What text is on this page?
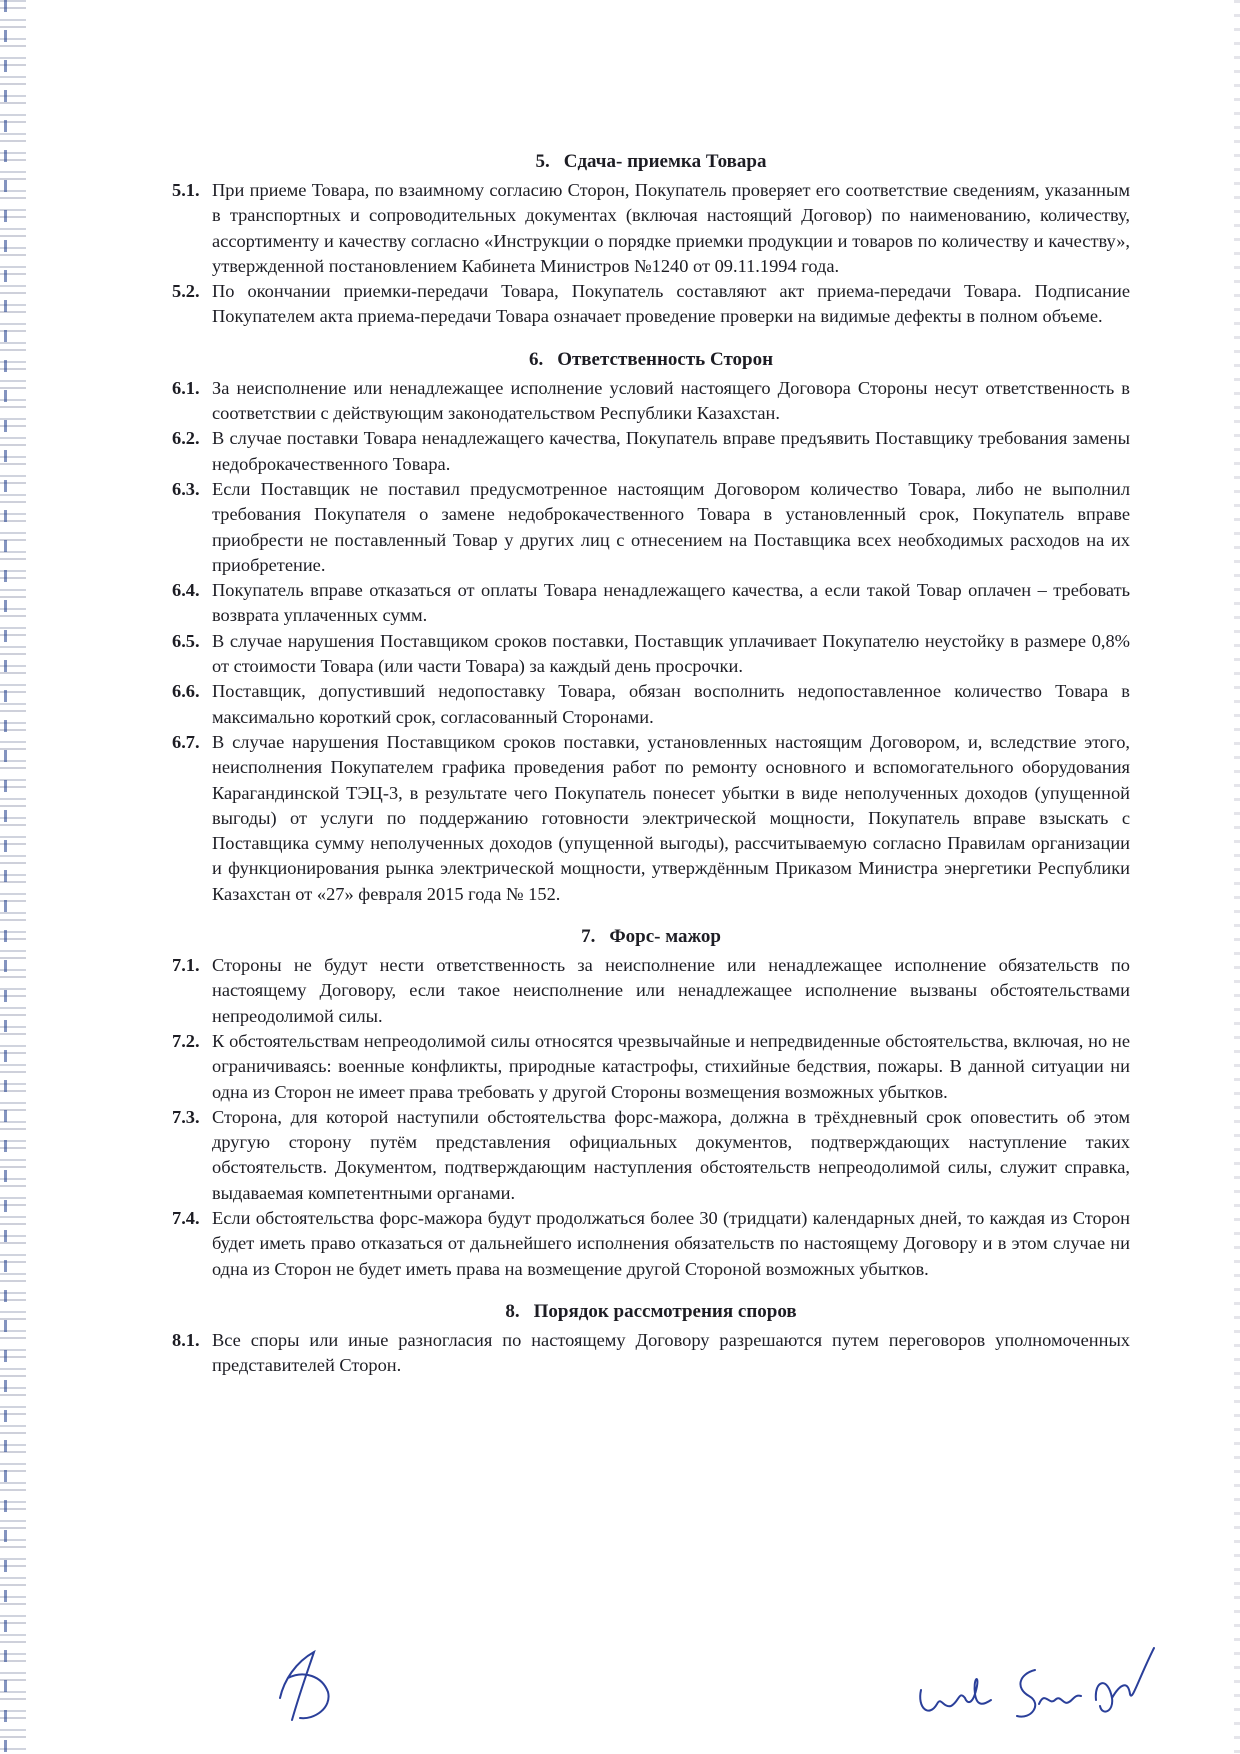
5. Сдача- приемка Товара

5.1. При приеме Товара, по взаимному согласию Сторон, Покупатель проверяет его соответствие сведениям, указанным в транспортных и сопроводительных документах (включая настоящий Договор) по наименованию, количеству, ассортименту и качеству согласно «Инструкции о порядке приемки продукции и товаров по количеству и качеству», утвержденной постановлением Кабинета Министров №1240 от 09.11.1994 года.

5.2. По окончании приемки-передачи Товара, Покупатель составляют акт приема-передачи Товара. Подписание Покупателем акта приема-передачи Товара означает проведение проверки на видимые дефекты в полном объеме.

6. Ответственность Сторон

6.1. За неисполнение или ненадлежащее исполнение условий настоящего Договора Стороны несут ответственность в соответствии с действующим законодательством Республики Казахстан.

6.2. В случае поставки Товара ненадлежащего качества, Покупатель вправе предъявить Поставщику требования замены недоброкачественного Товара.

6.3. Если Поставщик не поставил предусмотренное настоящим Договором количество Товара, либо не выполнил требования Покупателя о замене недоброкачественного Товара в установленный срок, Покупатель вправе приобрести не поставленный Товар у других лиц с отнесением на Поставщика всех необходимых расходов на их приобретение.

6.4. Покупатель вправе отказаться от оплаты Товара ненадлежащего качества, а если такой Товар оплачен – требовать возврата уплаченных сумм.

6.5. В случае нарушения Поставщиком сроков поставки, Поставщик уплачивает Покупателю неустойку в размере 0,8% от стоимости Товара (или части Товара) за каждый день просрочки.

6.6. Поставщик, допустивший недопоставку Товара, обязан восполнить недопоставленное количество Товара в максимально короткий срок, согласованный Сторонами.

6.7. В случае нарушения Поставщиком сроков поставки, установленных настоящим Договором, и, вследствие этого, неисполнения Покупателем графика проведения работ по ремонту основного и вспомогательного оборудования Карагандинской ТЭЦ-3, в результате чего Покупатель понесет убытки в виде неполученных доходов (упущенной выгоды) от услуги по поддержанию готовности электрической мощности, Покупатель вправе взыскать с Поставщика сумму неполученных доходов (упущенной выгоды), рассчитываемую согласно Правилам организации и функционирования рынка электрической мощности, утверждённым Приказом Министра энергетики Республики Казахстан от «27» февраля 2015 года № 152.

7. Форс- мажор

7.1. Стороны не будут нести ответственность за неисполнение или ненадлежащее исполнение обязательств по настоящему Договору, если такое неисполнение или ненадлежащее исполнение вызваны обстоятельствами непреодолимой силы.

7.2. К обстоятельствам непреодолимой силы относятся чрезвычайные и непредвиденные обстоятельства, включая, но не ограничиваясь: военные конфликты, природные катастрофы, стихийные бедствия, пожары. В данной ситуации ни одна из Сторон не имеет права требовать у другой Стороны возмещения возможных убытков.

7.3. Сторона, для которой наступили обстоятельства форс-мажора, должна в трёхдневный срок оповестить об этом другую сторону путём представления официальных документов, подтверждающих наступление таких обстоятельств. Документом, подтверждающим наступления обстоятельств непреодолимой силы, служит справка, выдаваемая компетентными органами.

7.4. Если обстоятельства форс-мажора будут продолжаться более 30 (тридцати) календарных дней, то каждая из Сторон будет иметь право отказаться от дальнейшего исполнения обязательств по настоящему Договору и в этом случае ни одна из Сторон не будет иметь права на возмещение другой Стороной возможных убытков.

8. Порядок рассмотрения споров

8.1. Все споры или иные разногласия по настоящему Договору разрешаются путем переговоров уполномоченных представителей Сторон.
